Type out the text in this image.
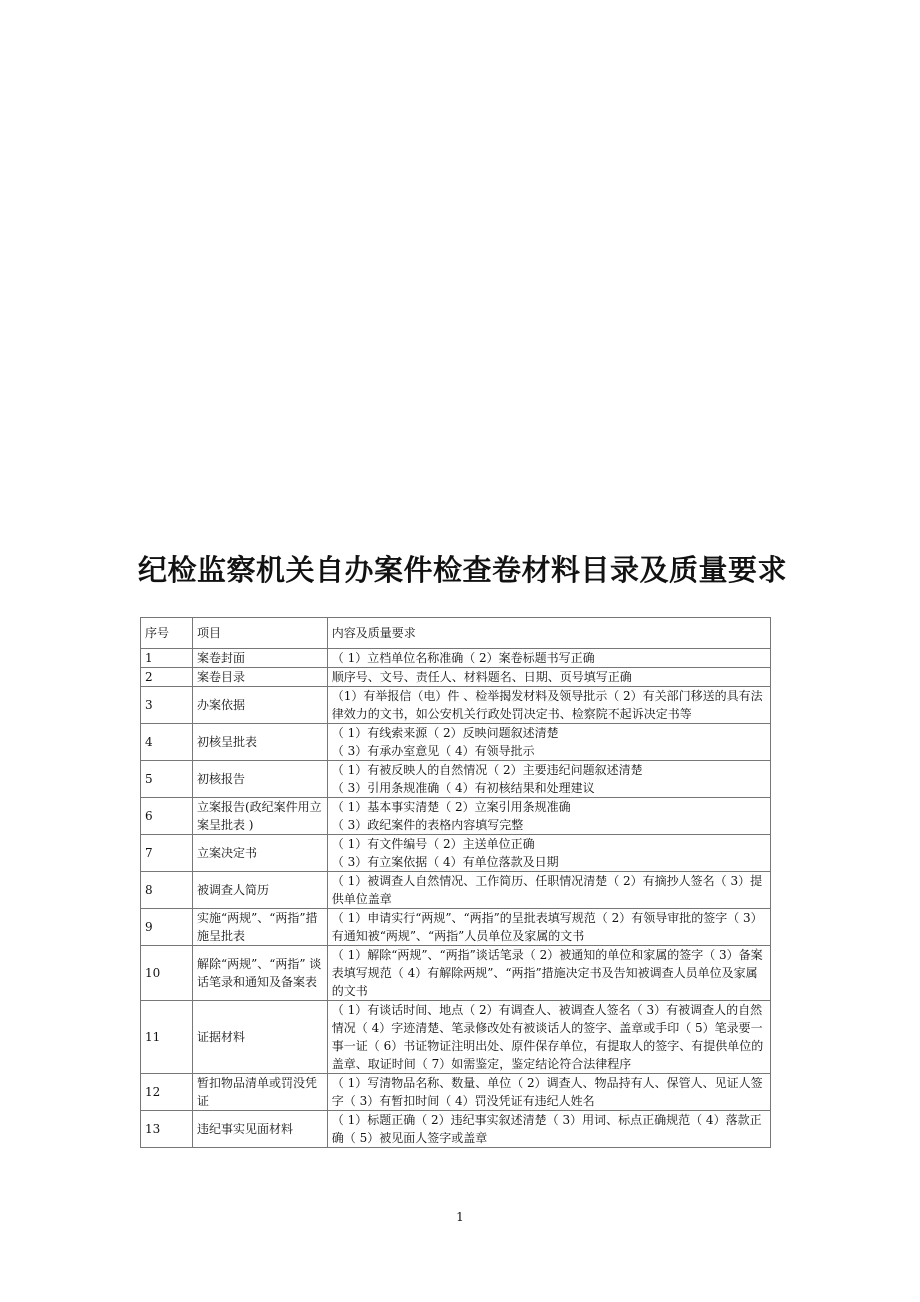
纪检监察机关自办案件检查卷材料目录及质量要求
序号	项目	内容及质量要求
1	案卷封面	（ 1）立档单位名称准确（ 2）案卷标题书写正确

2	案卷目录	顺序号、文号、责任人、材料题名、日期、页号填写正确

3	办案依据	（1）有举报信（电）件 、检举揭发材料及领导批示（ 2）有关部门移送的具有法律效力的文书，如公安机关行政处罚决定书、检察院不起诉决定书等

4	初核呈批表	（ 1）有线索来源（ 2）反映问题叙述清楚
（ 3）有承办室意见（ 4）有领导批示

5	初核报告	（ 1）有被反映人的自然情况（ 2）主要违纪问题叙述清楚
（ 3）引用条规准确（ 4）有初核结果和处理建议

6	立案报告(政纪案件用立案呈批表 )	（ 1）基本事实清楚（ 2）立案引用条规准确
（ 3）政纪案件的表格内容填写完整

7	立案决定书	（ 1）有文件编号（ 2）主送单位正确
（ 3）有立案依据（ 4）有单位落款及日期

8	被调查人简历	（ 1）被调查人自然情况、工作简历、任职情况清楚（ 2）有摘抄人签名（ 3）提供单位盖章

9	实施“两规”、“两指”措施呈批表	（ 1）申请实行“两规”、“两指”的呈批表填写规范（ 2）有领导审批的签字（ 3）有通知被“两规”、“两指”人员单位及家属的文书

10	解除“两规”、“两指” 谈话笔录和通知及备案表	（ 1）解除“两规”、“两指”谈话笔录（ 2）被通知的单位和家属的签字（ 3）备案表填写规范（ 4）有解除两规”、“两指”措施决定书及告知被调查人员单位及家属的文书

11	证据材料	（ 1）有谈话时间、地点（ 2）有调查人、被调查人签名（ 3）有被调查人的自然情况（ 4）字迹清楚、笔录修改处有被谈话人的签字、盖章或手印（ 5）笔录要一事一证（ 6）书证物证注明出处、原件保存单位，有提取人的签字、有提供单位的盖章、取证时间（ 7）如需鉴定，鉴定结论符合法律程序

12	暂扣物品清单或罚没凭证	（ 1）写清物品名称、数量、单位（ 2）调查人、物品持有人、保管人、见证人签字（ 3）有暂扣时间（ 4）罚没凭证有违纪人姓名

13	违纪事实见面材料	（ 1）标题正确（ 2）违纪事实叙述清楚（ 3）用词、标点正确规范（ 4）落款正确（ 5）被见面人签字或盖章
1
